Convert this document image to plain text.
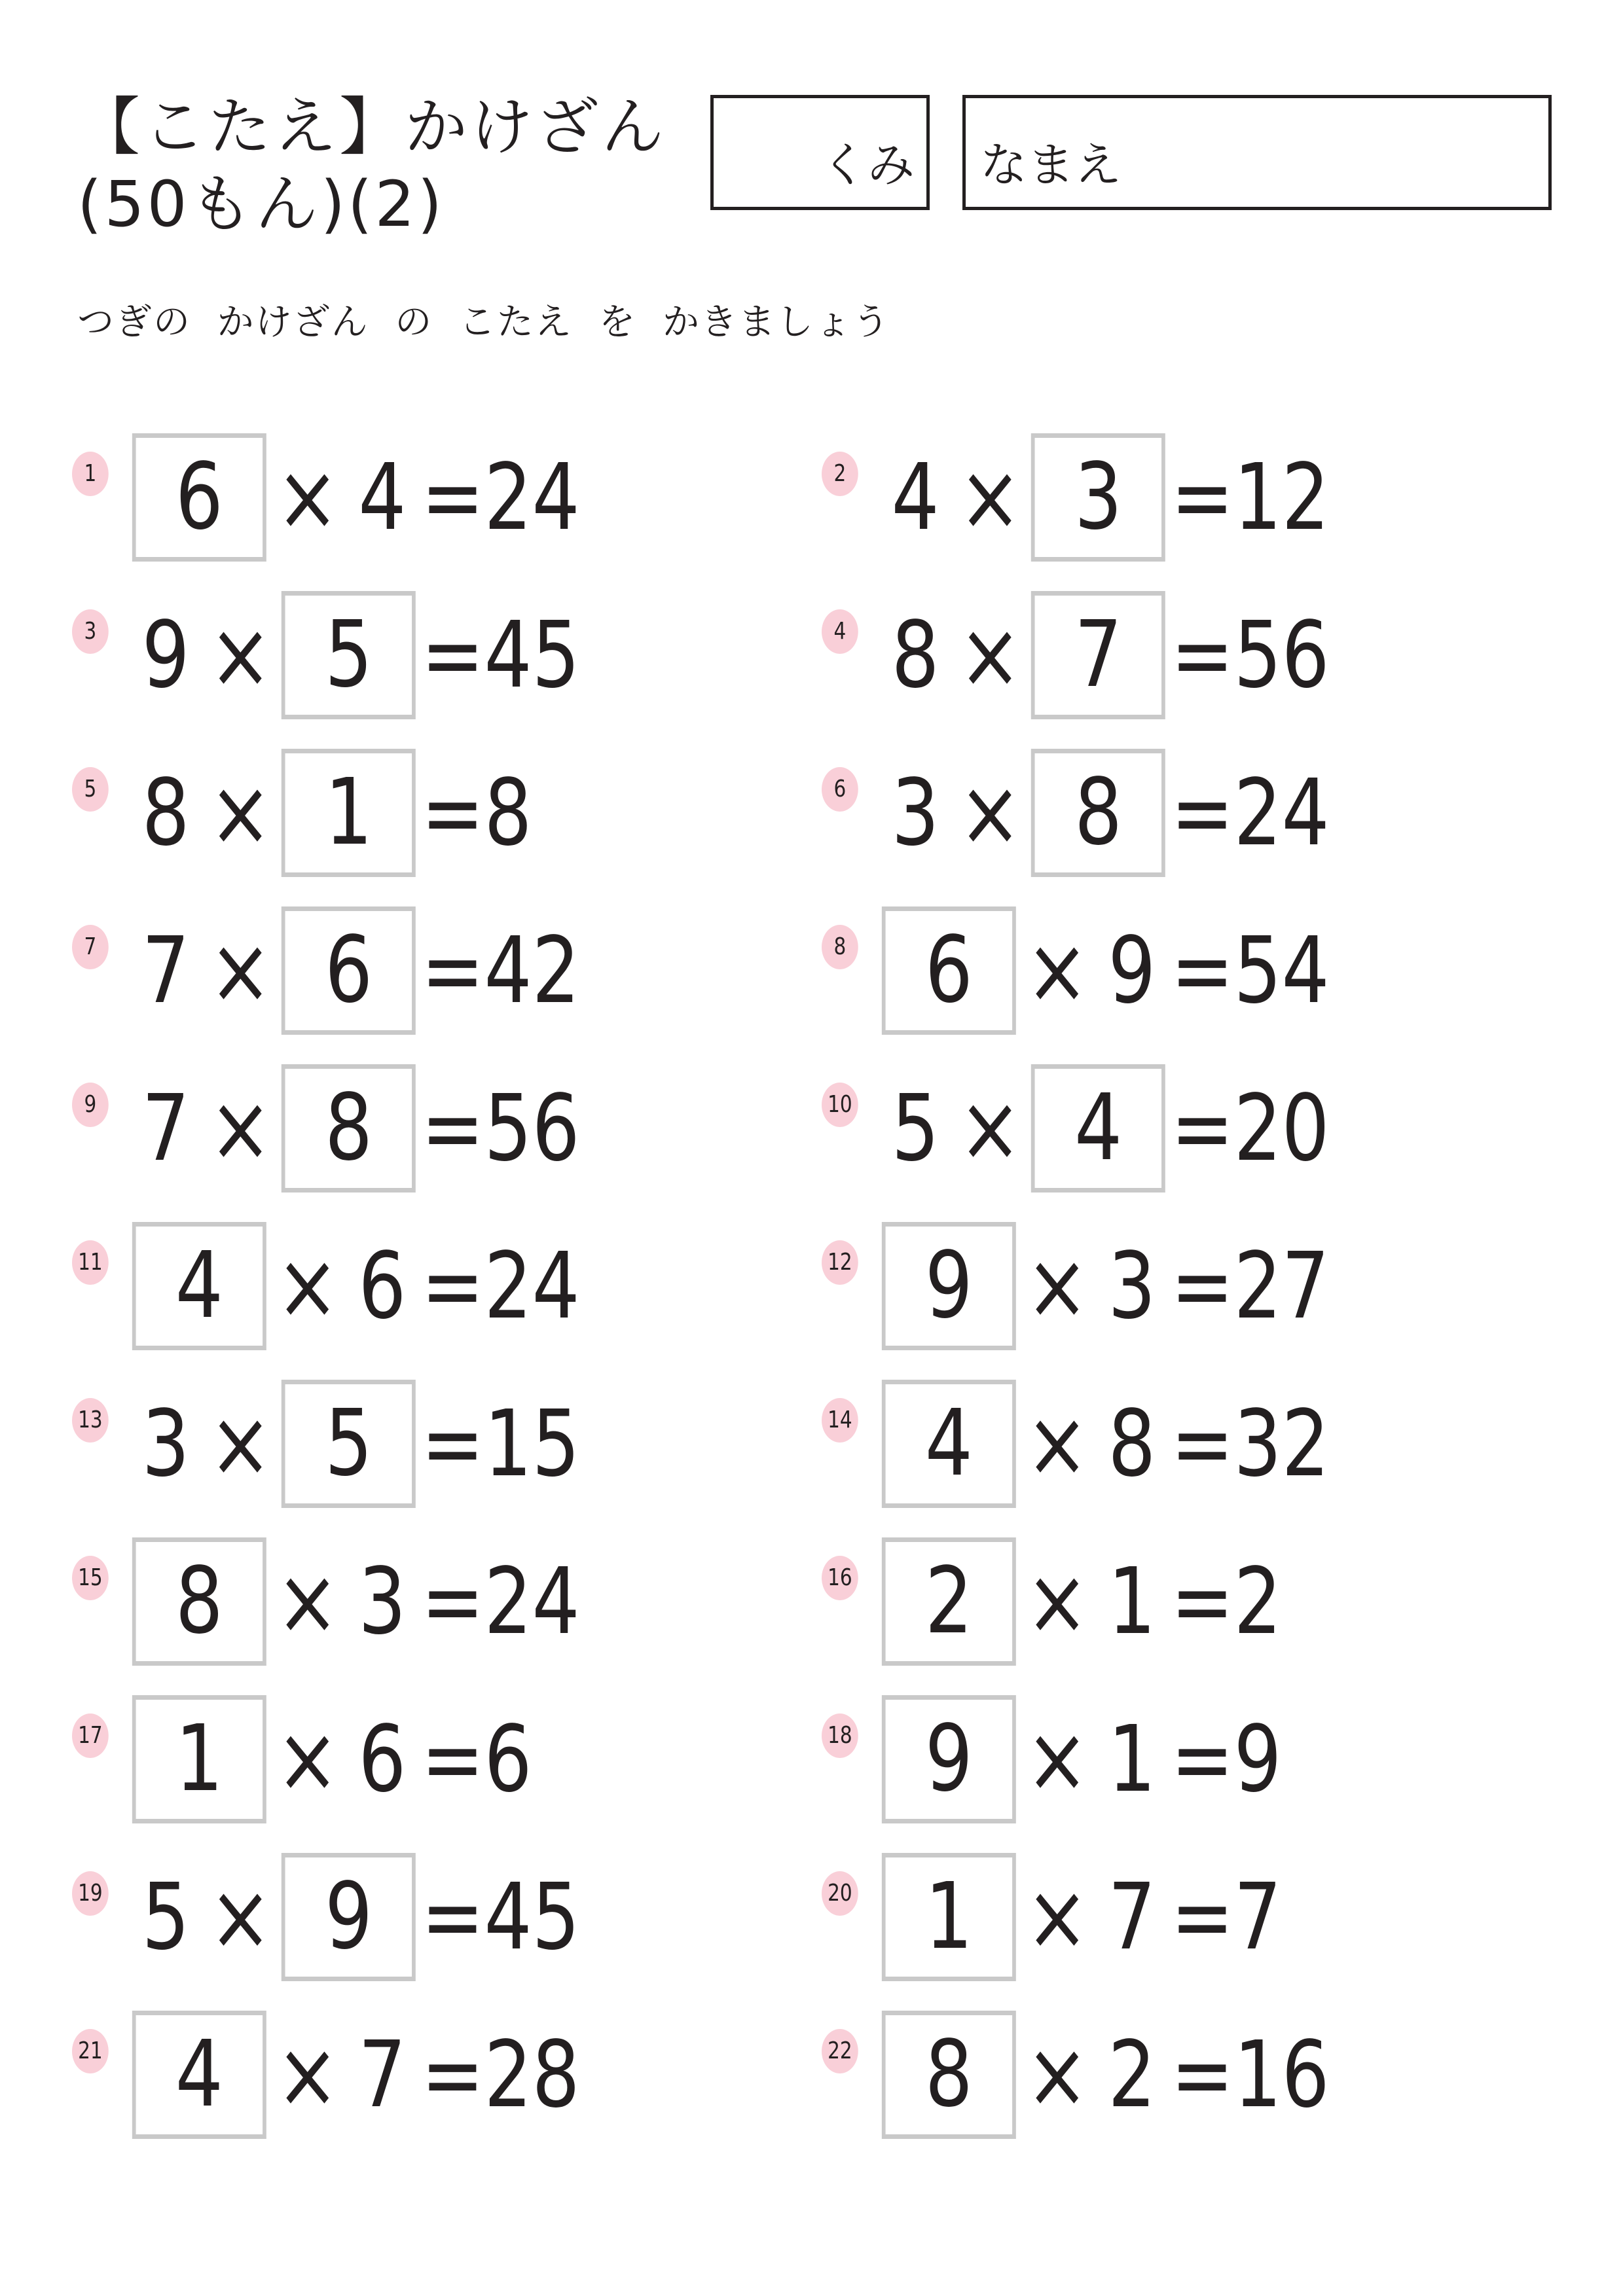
【こたえ】かけざん
(50もん)(2)
くみ なまえ
つぎの  かけざん  の  こたえ  を  かきましょう
1 6 × 4 = 24	2 4 × 3 = 12
3 9 × 5 = 45	4 8 × 7 = 56
5 8 × 1 = 8	6 3 × 8 = 24
7 7 × 6 = 42	8 6 × 9 = 54
9 7 × 8 = 56	10 5 × 4 = 20
11 4 × 6 = 24	12 9 × 3 = 27
13 3 × 5 = 15	14 4 × 8 = 32
15 8 × 3 = 24	16 2 × 1 = 2
17 1 × 6 = 6	18 9 × 1 = 9
19 5 × 9 = 45	20 1 × 7 = 7
21 4 × 7 = 28	22 8 × 2 = 16
